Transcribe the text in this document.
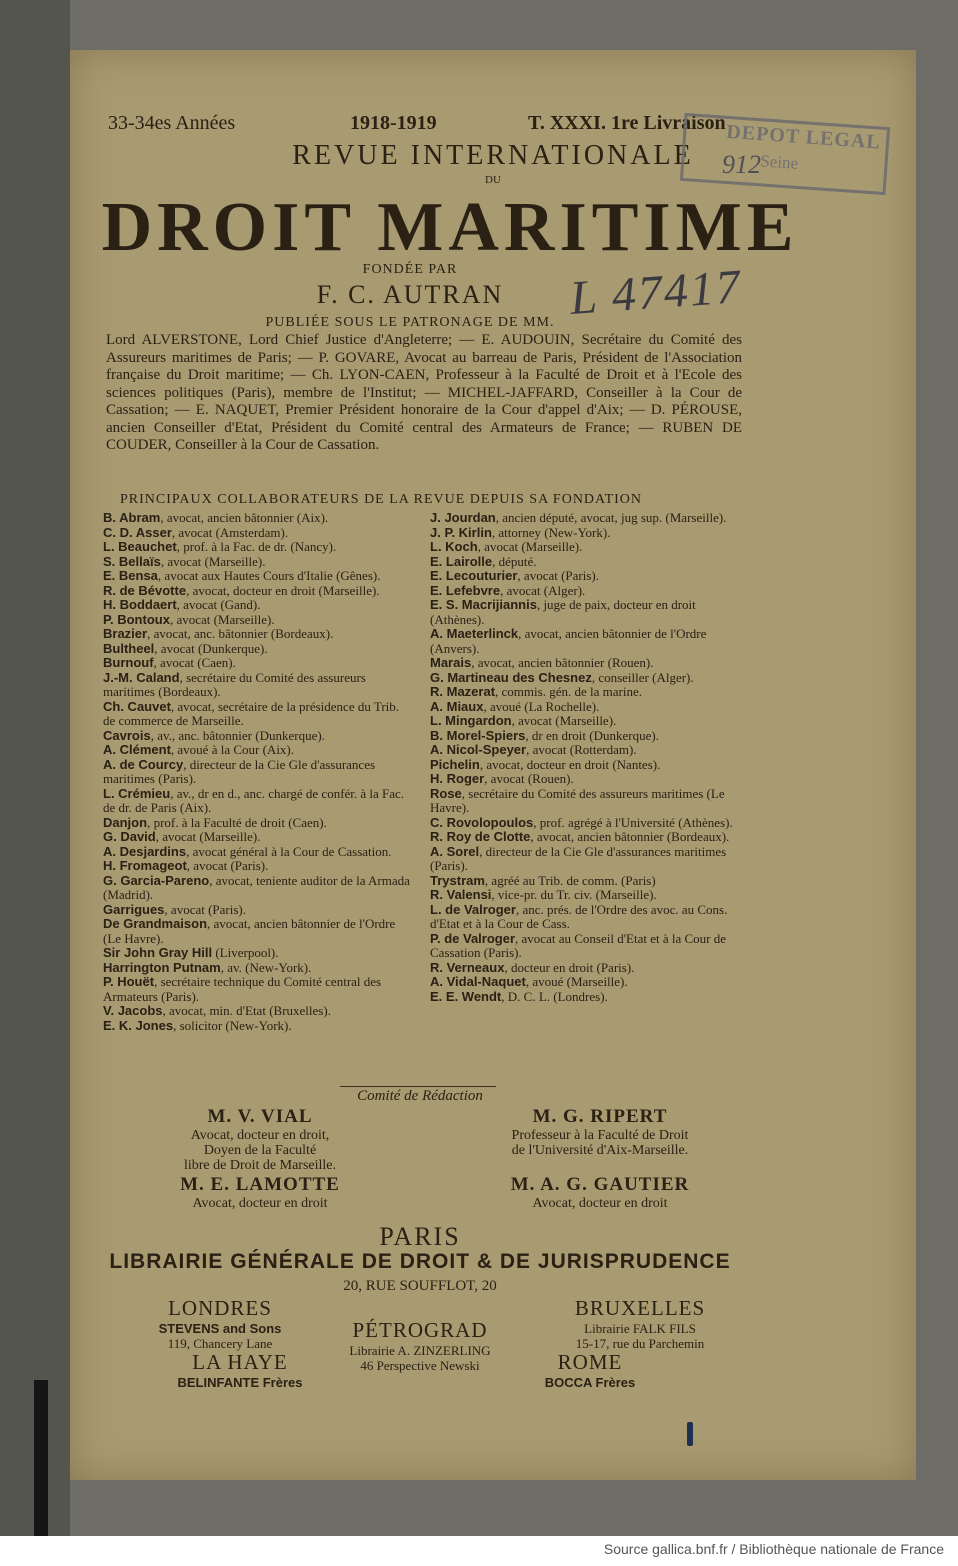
33-34es Années	1918-1919	T. XXXI. 1re Livraison
REVUE INTERNATIONALE
DU
DROIT MARITIME
FONDÉE PAR
F. C. AUTRAN
PUBLIÉE SOUS LE PATRONAGE DE MM.
Lord ALVERSTONE, Lord Chief Justice d'Angleterre; — E. AUDOUIN, Secrétaire du Comité des Assureurs maritimes de Paris; — P. GOVARE, Avocat au barreau de Paris, Président de l'Association française du Droit maritime; — Ch. LYON-CAEN, Professeur à la Faculté de Droit et à l'Ecole des sciences politiques (Paris), membre de l'Institut; — MICHEL-JAFFARD, Conseiller à la Cour de Cassation; — E. NAQUET, Premier Président honoraire de la Cour d'appel d'Aix; — D. PÉROUSE, ancien Conseiller d'Etat, Président du Comité central des Armateurs de France; — RUBEN DE COUDER, Conseiller à la Cour de Cassation.
PRINCIPAUX COLLABORATEURS DE LA REVUE DEPUIS SA FONDATION

B. Abram, avocat, ancien bâtonnier (Aix).

C. D. Asser, avocat (Amsterdam).

L. Beauchet, prof. à la Fac. de dr. (Nancy).

S. Bellaïs, avocat (Marseille).

E. Bensa, avocat aux Hautes Cours d'Italie (Gênes).

R. de Bévotte, avocat, docteur en droit (Marseille).

H. Boddaert, avocat (Gand).

P. Bontoux, avocat (Marseille).

Brazier, avocat, anc. bâtonnier (Bordeaux).

Bultheel, avocat (Dunkerque).

Burnouf, avocat (Caen).

J.-M. Caland, secrétaire du Comité des assureurs maritimes (Bordeaux).

Ch. Cauvet, avocat, secrétaire de la présidence du Trib. de commerce de Marseille.

Cavrois, av., anc. bâtonnier (Dunkerque).

A. Clément, avoué à la Cour (Aix).

A. de Courcy, directeur de la Cie Gle d'assurances maritimes (Paris).

L. Crémieu, av., dr en d., anc. chargé de confér. à la Fac. de dr. de Paris (Aix).

Danjon, prof. à la Faculté de droit (Caen).

G. David, avocat (Marseille).

A. Desjardins, avocat général à la Cour de Cassation.

H. Fromageot, avocat (Paris).

G. Garcia-Pareno, avocat, teniente auditor de la Armada (Madrid).

Garrigues, avocat (Paris).

De Grandmaison, avocat, ancien bâtonnier de l'Ordre (Le Havre).

Sir John Gray Hill (Liverpool).

Harrington Putnam, av. (New-York).

P. Houët, secrétaire technique du Comité central des Armateurs (Paris).

V. Jacobs, avocat, min. d'Etat (Bruxelles).

E. K. Jones, solicitor (New-York).

J. Jourdan, ancien député, avocat, jug sup. (Marseille).

J. P. Kirlin, attorney (New-York).

L. Koch, avocat (Marseille).

E. Lairolle, député.

E. Lecouturier, avocat (Paris).

E. Lefebvre, avocat (Alger).

E. S. Macrijiannis, juge de paix, docteur en droit (Athènes).

A. Maeterlinck, avocat, ancien bâtonnier de l'Ordre (Anvers).

Marais, avocat, ancien bâtonnier (Rouen).

G. Martineau des Chesnez, conseiller (Alger).

R. Mazerat, commis. gén. de la marine.

A. Miaux, avoué (La Rochelle).

L. Mingardon, avocat (Marseille).

B. Morel-Spiers, dr en droit (Dunkerque).

A. Nicol-Speyer, avocat (Rotterdam).

Pichelin, avocat, docteur en droit (Nantes).

H. Roger, avocat (Rouen).

Rose, secrétaire du Comité des assureurs maritimes (Le Havre).

C. Rovolopoulos, prof. agrégé à l'Université (Athènes).

R. Roy de Clotte, avocat, ancien bâtonnier (Bordeaux).

A. Sorel, directeur de la Cie Gle d'assurances maritimes (Paris).

Trystram, agréé au Trib. de comm. (Paris)

R. Valensi, vice-pr. du Tr. civ. (Marseille).

L. de Valroger, anc. prés. de l'Ordre des avoc. au Cons. d'Etat et à la Cour de Cass.

P. de Valroger, avocat au Conseil d'Etat et à la Cour de Cassation (Paris).

R. Verneaux, docteur en droit (Paris).

A. Vidal-Naquet, avoué (Marseille).

E. E. Wendt, D. C. L. (Londres).

Comité de Rédaction
M. V. VIAL
Avocat, docteur en droit,
Doyen de la Faculté
libre de Droit de Marseille.
M. G. RIPERT
Professeur à la Faculté de Droit
de l'Université d'Aix-Marseille.
M. E. LAMOTTE
Avocat, docteur en droit
M. A. G. GAUTIER
Avocat, docteur en droit
PARIS
LIBRAIRIE GÉNÉRALE DE DROIT & DE JURISPRUDENCE
20, RUE SOUFFLOT, 20
LONDRES
STEVENS and Sons
119, Chancery Lane
PÉTROGRAD
Librairie A. ZINZERLING
46 Perspective Newski
BRUXELLES
Librairie FALK FILS
15-17, rue du Parchemin
LA HAYE
BELINFANTE Frères
ROME
BOCCA Frères
DEPOT LEGAL
Seine
912
L 47417
Source gallica.bnf.fr / Bibliothèque nationale de France
